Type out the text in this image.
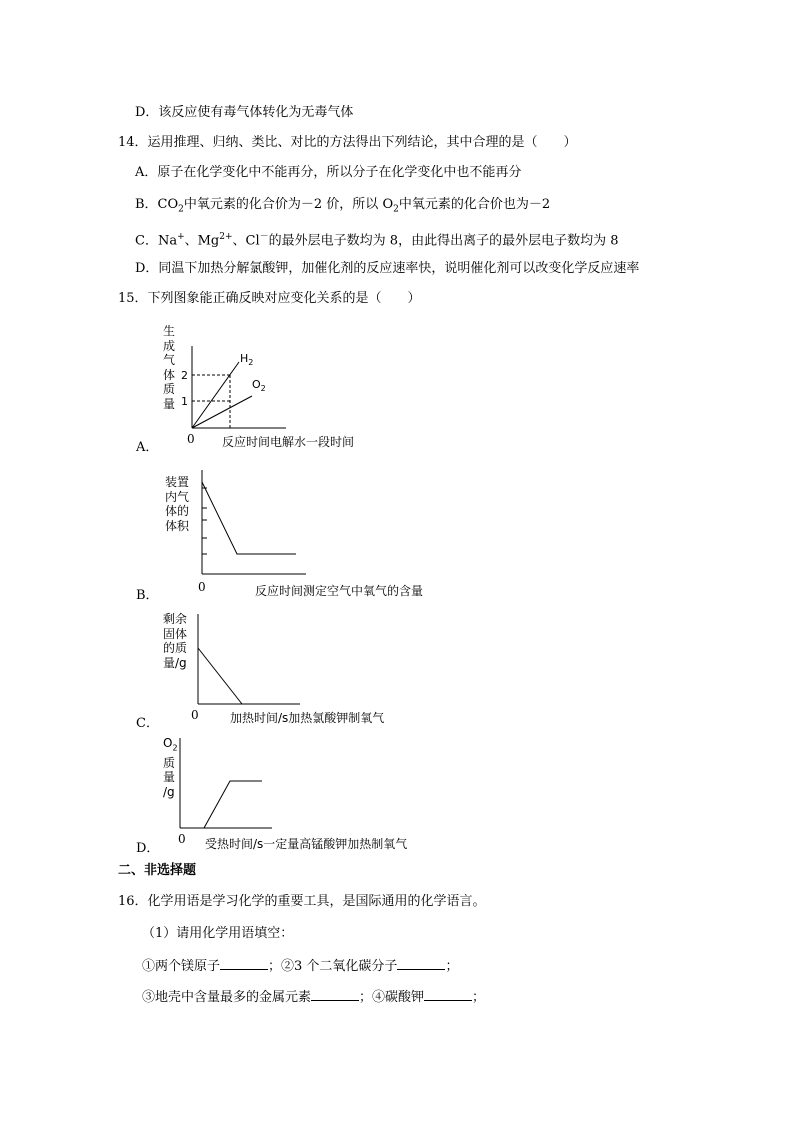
D．该反应使有毒气体转化为无毒气体
14．运用推理、归纳、类比、对比的方法得出下列结论，其中合理的是（　　）
A．原子在化学变化中不能再分，所以分子在化学变化中也不能再分
B．$CO_2$中氧元素的化合价为－2 价，所以 $O_2$中氧元素的化合价也为－2
C．Na+、$Mg^{2+}$、Cl－的最外层电子数均为 8，由此得出离子的最外层电子数均为 8
D．同温下加热分解氯酸钾，加催化剂的反应速率快，说明催化剂可以改变化学反应速率
15．下列图象能正确反映对应变化关系的是（　　）
生
成
气
体
质
量
2
1
$H_2$
$O_2$
A．
0 反应时间电解水一段时间
装置
内气
体的
体积
B．
0	反应时间测定空气中氧气的含量
剩余
固体
的质
量/g
C．
0	加热时间/s加热氯酸钾制氧气
$O_2$
质
量
/g
D．
0 受热时间/s一定量高锰酸钾加热制氧气
二、非选择题
16．化学用语是学习化学的重要工具，是国际通用的化学语言。
（1）请用化学用语填空：
①两个镁原子	；②3 个二氧化碳分子	；
③地壳中含量最多的金属元素	；④碳酸钾	；
